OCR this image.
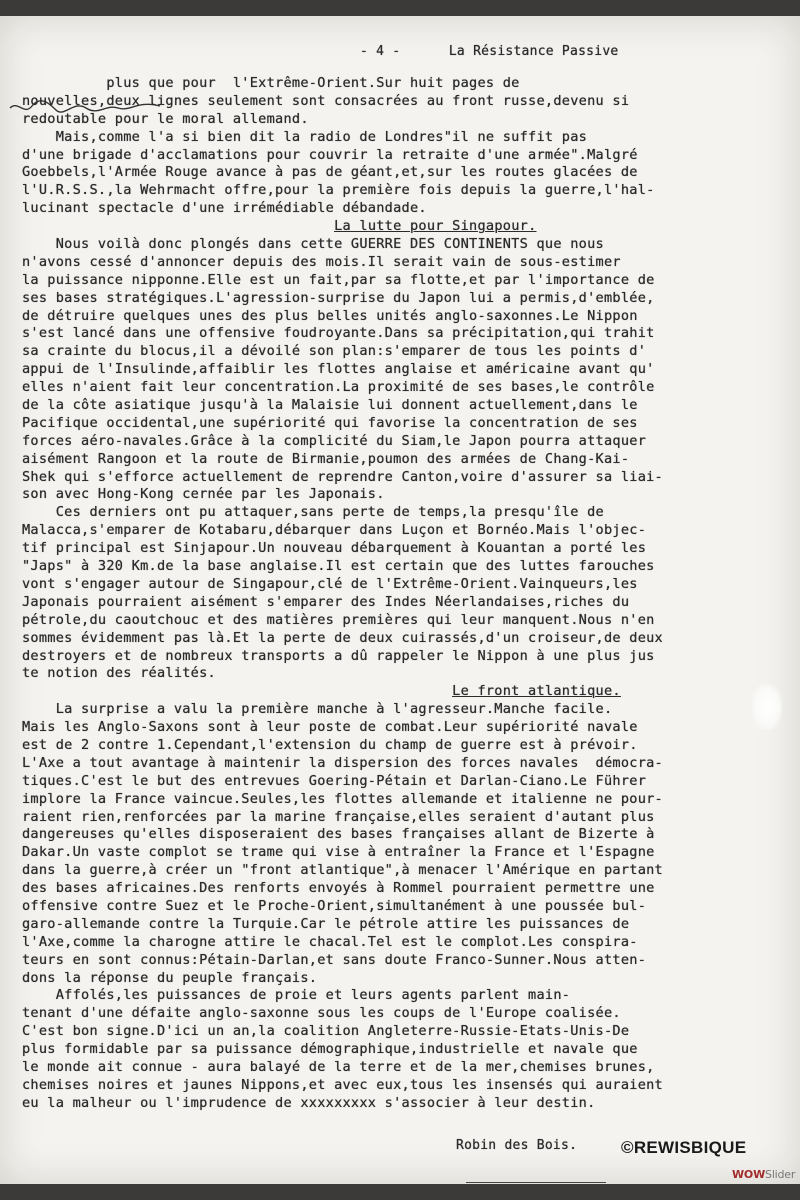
- 4 -	La Résistance Passive
plus que pour  l'Extrême-Orient.Sur huit pages de
nouvelles,deux lignes seulement sont consacrées au front russe,devenu si
redoutable pour le moral allemand.
Mais,comme l'a si bien dit la radio de Londres"il ne suffit pas
d'une brigade d'acclamations pour couvrir la retraite d'une armée".Malgré
Goebbels,l'Armée Rouge avance à pas de géant,et,sur les routes glacées de
l'U.R.S.S.,la Wehrmacht offre,pour la première fois depuis la guerre,l'hal-
lucinant spectacle d'une irrémédiable débandade.
La lutte pour Singapour.
Nous voilà donc plongés dans cette GUERRE DES CONTINENTS que nous
n'avons cessé d'annoncer depuis des mois.Il serait vain de sous-estimer
la puissance nipponne.Elle est un fait,par sa flotte,et par l'importance de
ses bases stratégiques.L'agression-surprise du Japon lui a permis,d'emblée,
de détruire quelques unes des plus belles unités anglo-saxonnes.Le Nippon
s'est lancé dans une offensive foudroyante.Dans sa précipitation,qui trahit
sa crainte du blocus,il a dévoilé son plan:s'emparer de tous les points d'
appui de l'Insulinde,affaiblir les flottes anglaise et américaine avant qu'
elles n'aient fait leur concentration.La proximité de ses bases,le contrôle
de la côte asiatique jusqu'à la Malaisie lui donnent actuellement,dans le
Pacifique occidental,une supériorité qui favorise la concentration de ses
forces aéro-navales.Grâce à la complicité du Siam,le Japon pourra attaquer
aisément Rangoon et la route de Birmanie,poumon des armées de Chang-Kai-
Shek qui s'efforce actuellement de reprendre Canton,voire d'assurer sa liai-
son avec Hong-Kong cernée par les Japonais.
Ces derniers ont pu attaquer,sans perte de temps,la presqu'île de
Malacca,s'emparer de Kotabaru,débarquer dans Luçon et Bornéo.Mais l'objec-
tif principal est Sinjapour.Un nouveau débarquement à Kouantan a porté les
"Japs" à 320 Km.de la base anglaise.Il est certain que des luttes farouches
vont s'engager autour de Singapour,clé de l'Extrême-Orient.Vainqueurs,les
Japonais pourraient aisément s'emparer des Indes Néerlandaises,riches du
pétrole,du caoutchouc et des matières premières qui leur manquent.Nous n'en
sommes évidemment pas là.Et la perte de deux cuirassés,d'un croiseur,de deux
destroyers et de nombreux transports a dû rappeler le Nippon à une plus jus
te notion des réalités.
Le front atlantique.
La surprise a valu la première manche à l'agresseur.Manche facile.
Mais les Anglo-Saxons sont à leur poste de combat.Leur supériorité navale
est de 2 contre 1.Cependant,l'extension du champ de guerre est à prévoir.
L'Axe a tout avantage à maintenir la dispersion des forces navales  démocra-
tiques.C'est le but des entrevues Goering-Pétain et Darlan-Ciano.Le Führer
implore la France vaincue.Seules,les flottes allemande et italienne ne pour-
raient rien,renforcées par la marine française,elles seraient d'autant plus
dangereuses qu'elles disposeraient des bases françaises allant de Bizerte à
Dakar.Un vaste complot se trame qui vise à entraîner la France et l'Espagne
dans la guerre,à créer un "front atlantique",à menacer l'Amérique en partant
des bases africaines.Des renforts envoyés à Rommel pourraient permettre une
offensive contre Suez et le Proche-Orient,simultanément à une poussée bul-
garo-allemande contre la Turquie.Car le pétrole attire les puissances de
l'Axe,comme la charogne attire le chacal.Tel est le complot.Les conspira-
teurs en sont connus:Pétain-Darlan,et sans doute Franco-Sunner.Nous atten-
dons la réponse du peuple français.
Affolés,les puissances de proie et leurs agents parlent main-
tenant d'une défaite anglo-saxonne sous les coups de l'Europe coalisée.
C'est bon signe.D'ici un an,la coalition Angleterre-Russie-Etats-Unis-De
plus formidable par sa puissance démographique,industrielle et navale que
le monde ait connue - aura balayé de la terre et de la mer,chemises brunes,
chemises noires et jaunes Nippons,et avec eux,tous les insensés qui auraient
eu la malheur ou l'imprudence de xxxxxxxxx s'associer à leur destin.
Robin des Bois.	©REWISBIQUE
WOWSlider
